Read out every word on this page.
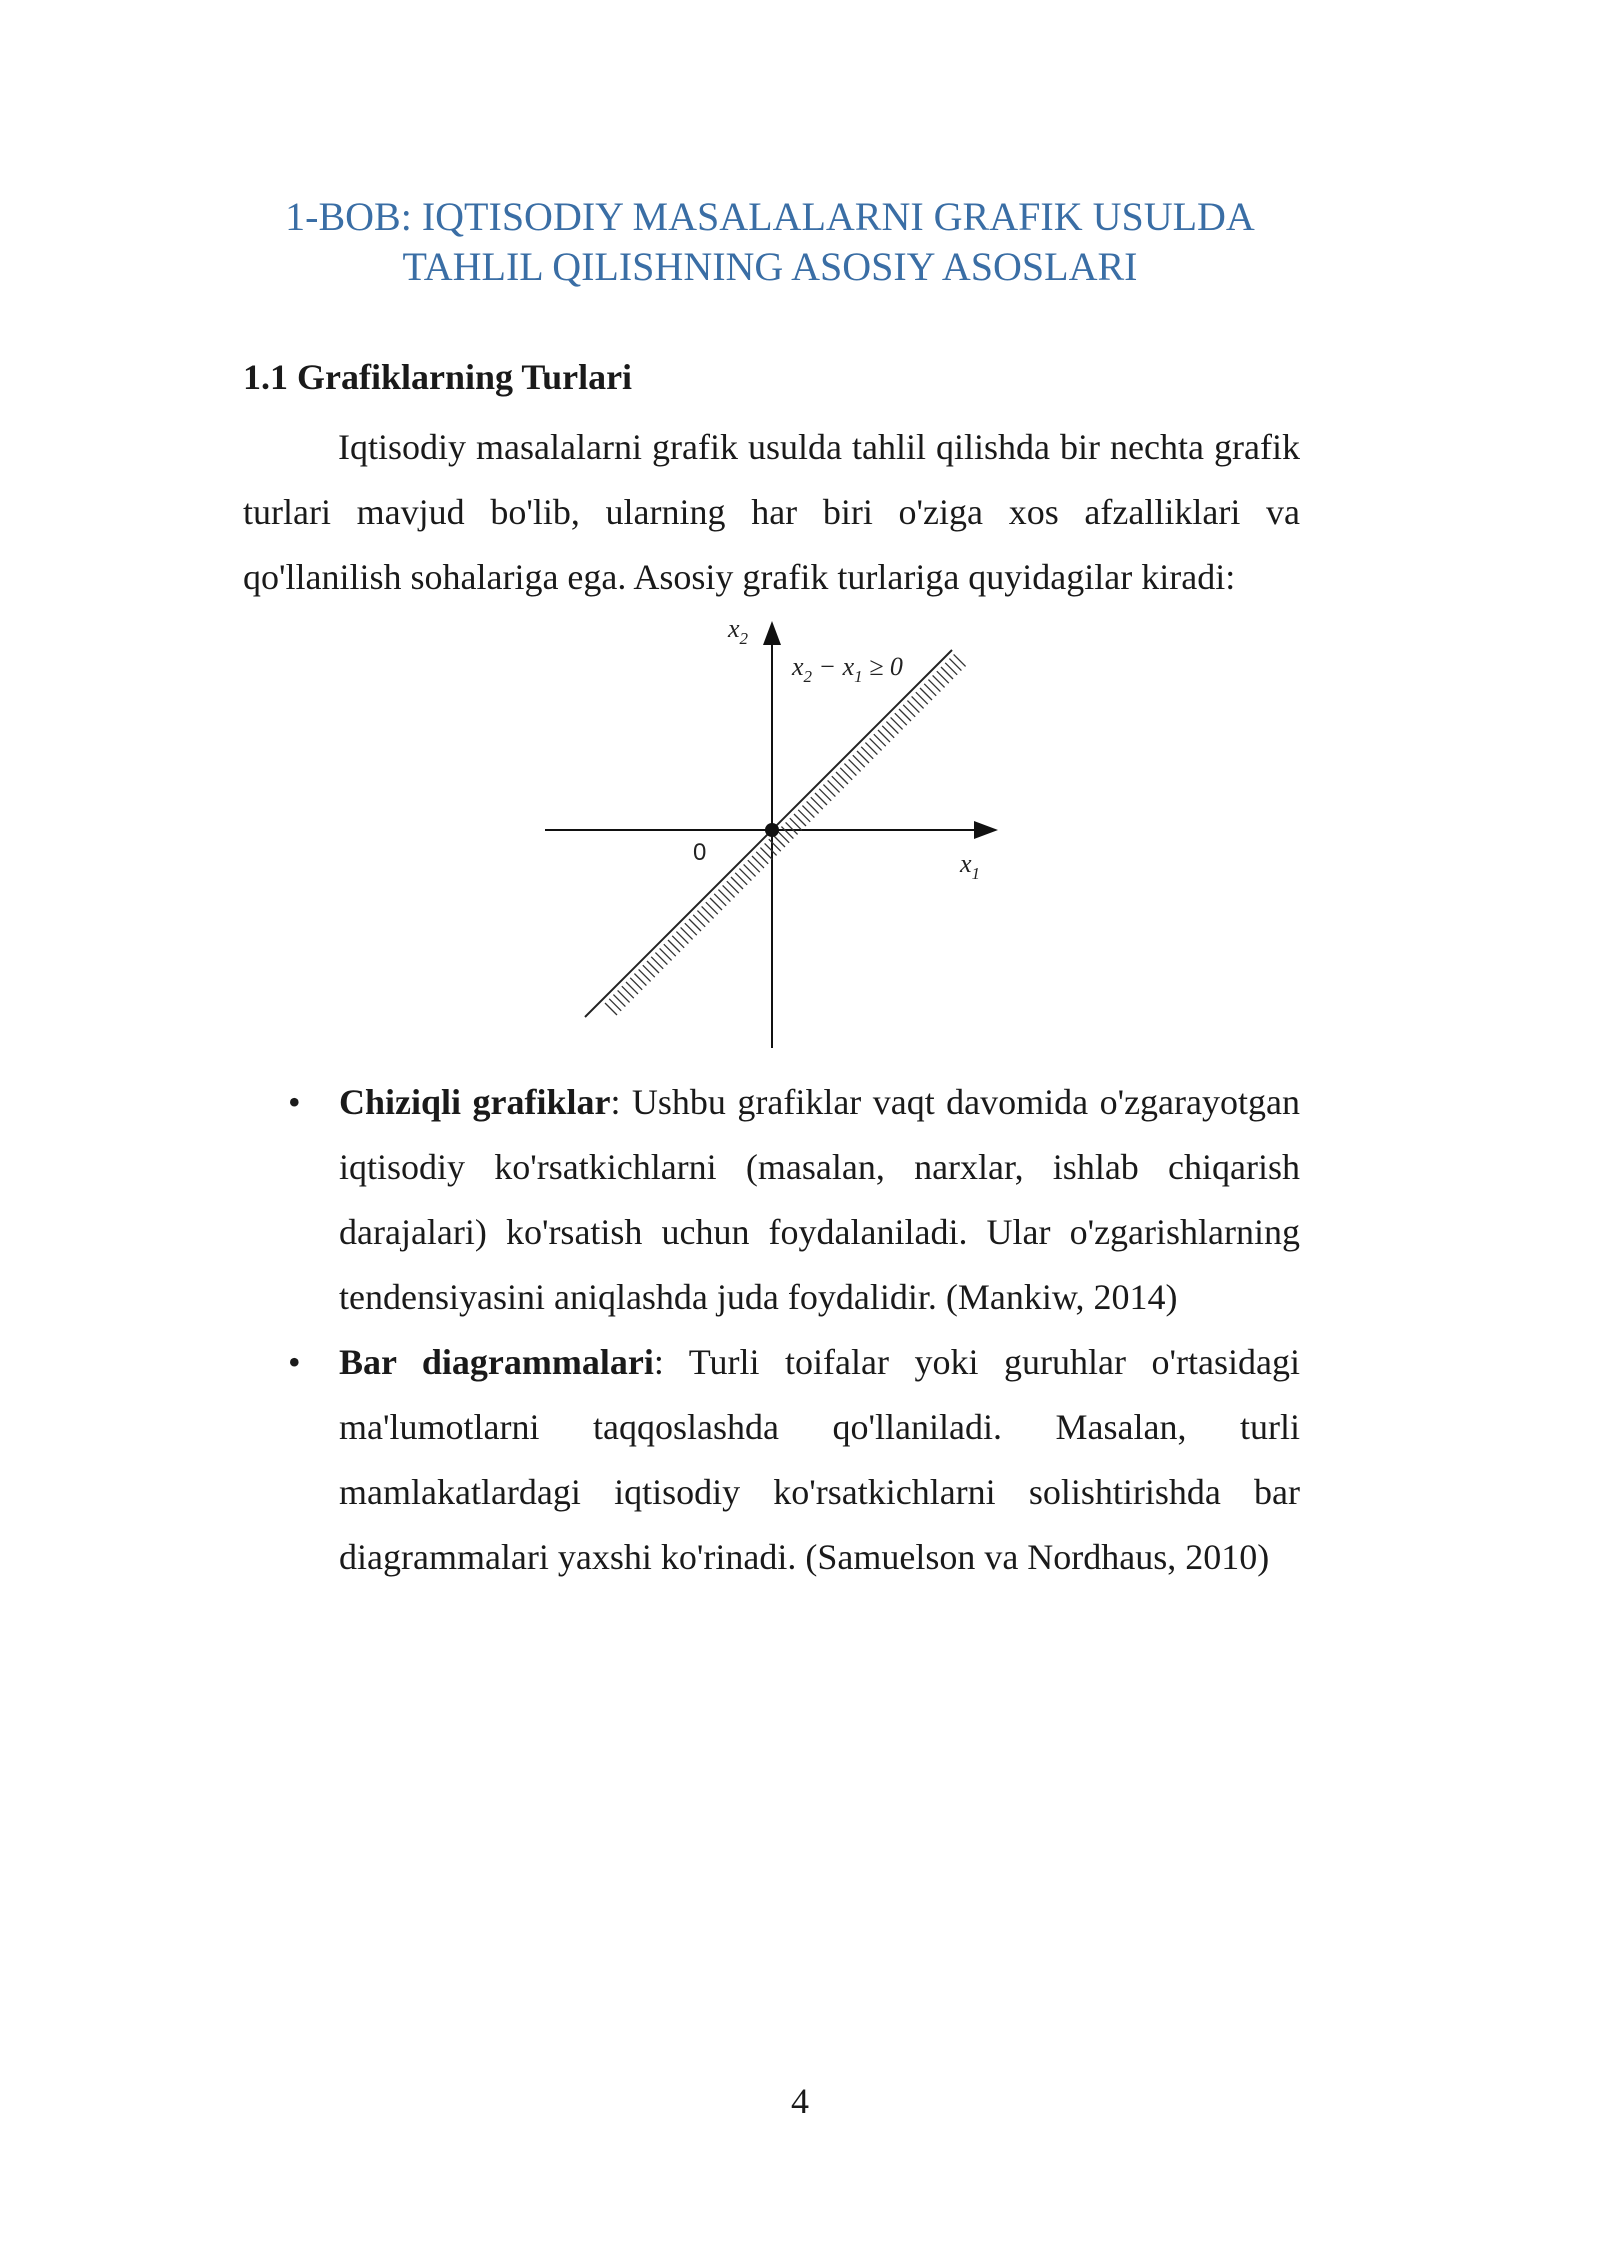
1-BOB: IQTISODIY MASALALARNI GRAFIK USULDA
TAHLIL QILISHNING ASOSIY ASOSLARI
1.1 Grafiklarning Turlari

Iqtisodiy masalalarni grafik usulda tahlil qilishda bir nechta grafik turlari mavjud bo'lib, ularning har biri o'ziga xos afzalliklari va qo'llanilish sohalariga ega. Asosiy grafik turlariga quyidagilar kiradi:

0
x2
x1
x2 − x1 ≥ 0
• Chiziqli grafiklar: Ushbu grafiklar vaqt davomida o'zgarayotgan iqtisodiy ko'rsatkichlarni (masalan, narxlar, ishlab chiqarish darajalari) ko'rsatish uchun foydalaniladi. Ular o'zgarishlarning tendensiyasini aniqlashda juda foydalidir. (Mankiw, 2014)
• Bar diagrammalari: Turli toifalar yoki guruhlar o'rtasidagi ma'lumotlarni taqqoslashda qo'llaniladi. Masalan, turli mamlakatlardagi iqtisodiy ko'rsatkichlarni solishtirishda bar diagrammalari yaxshi ko'rinadi. (Samuelson va Nordhaus, 2010)
4
